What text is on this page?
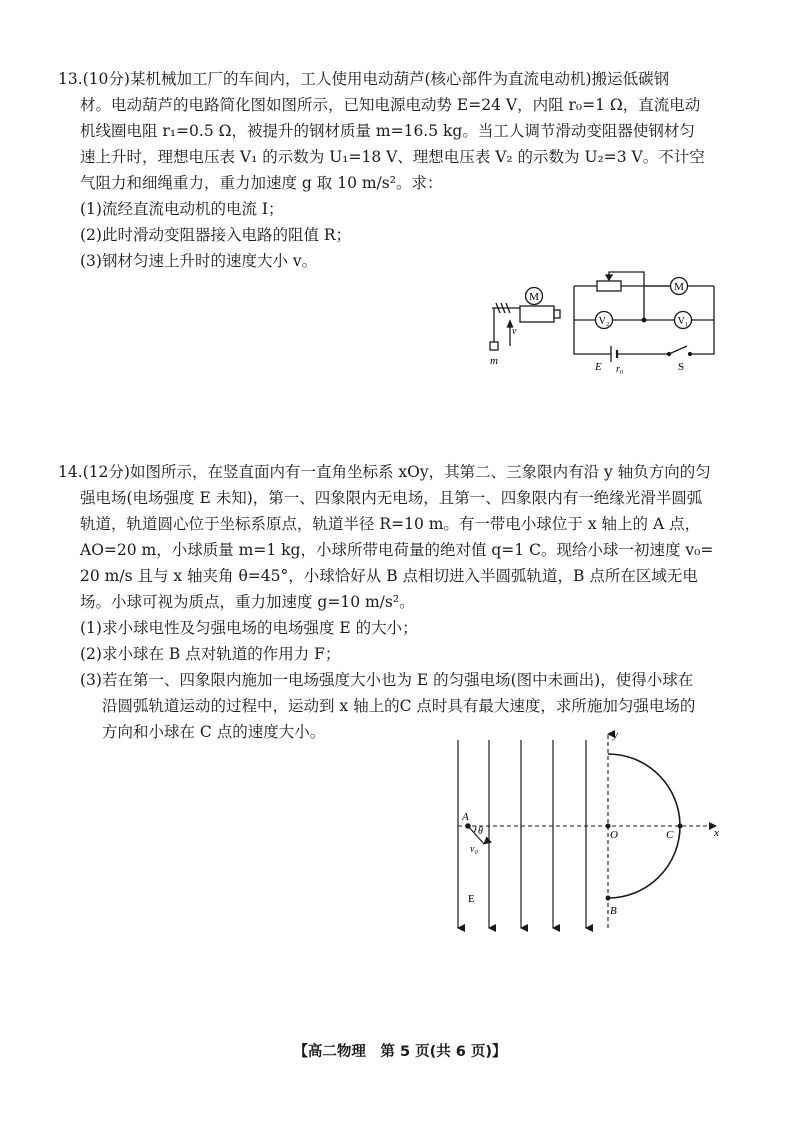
13.(10分)某机械加工厂的车间内，工人使用电动葫芦(核心部件为直流电动机)搬运低碳钢

材。电动葫芦的电路简化图如图所示，已知电源电动势 E=24 V，内阻 r₀=1 Ω，直流电动

机线圈电阻 r₁=0.5 Ω，被提升的钢材质量 m=16.5 kg。当工人调节滑动变阻器使钢材匀

速上升时，理想电压表 V₁ 的示数为 U₁=18 V、理想电压表 V₂ 的示数为 U₂=3 V。不计空

气阻力和细绳重力，重力加速度 g 取 10 m/s²。求：

(1)流经直流电动机的电流 I；

(2)此时滑动变阻器接入电路的阻值 R；

(3)钢材匀速上升时的速度大小 v。

M
m
v
M
V₂	V₁
E r₀	S

14.(12分)如图所示，在竖直面内有一直角坐标系 xOy，其第二、三象限内有沿 y 轴负方向的匀

强电场(电场强度 E 未知)，第一、四象限内无电场，且第一、四象限内有一绝缘光滑半圆弧

轨道，轨道圆心位于坐标系原点，轨道半径 R=10 m。有一带电小球位于 x 轴上的 A 点，

AO=20 m，小球质量 m=1 kg，小球所带电荷量的绝对值 q=1 C。现给小球一初速度 v₀=

20 m/s 且与 x 轴夹角 θ=45°，小球恰好从 B 点相切进入半圆弧轨道，B 点所在区域无电

场。小球可视为质点，重力加速度 g=10 m/s²。

(1)求小球电性及匀强电场的电场强度 E 的大小；

(2)求小球在 B 点对轨道的作用力 F；

(3)若在第一、四象限内施加一电场强度大小也为 E 的匀强电场(图中未画出)，使得小球在

沿圆弧轨道运动的过程中，运动到 x 轴上的C 点时具有最大速度，求所施加匀强电场的

方向和小球在 C 点的速度大小。	y
x
A
θ
v₀
O	C
E
B
【高二物理　第 5 页(共 6 页)】
